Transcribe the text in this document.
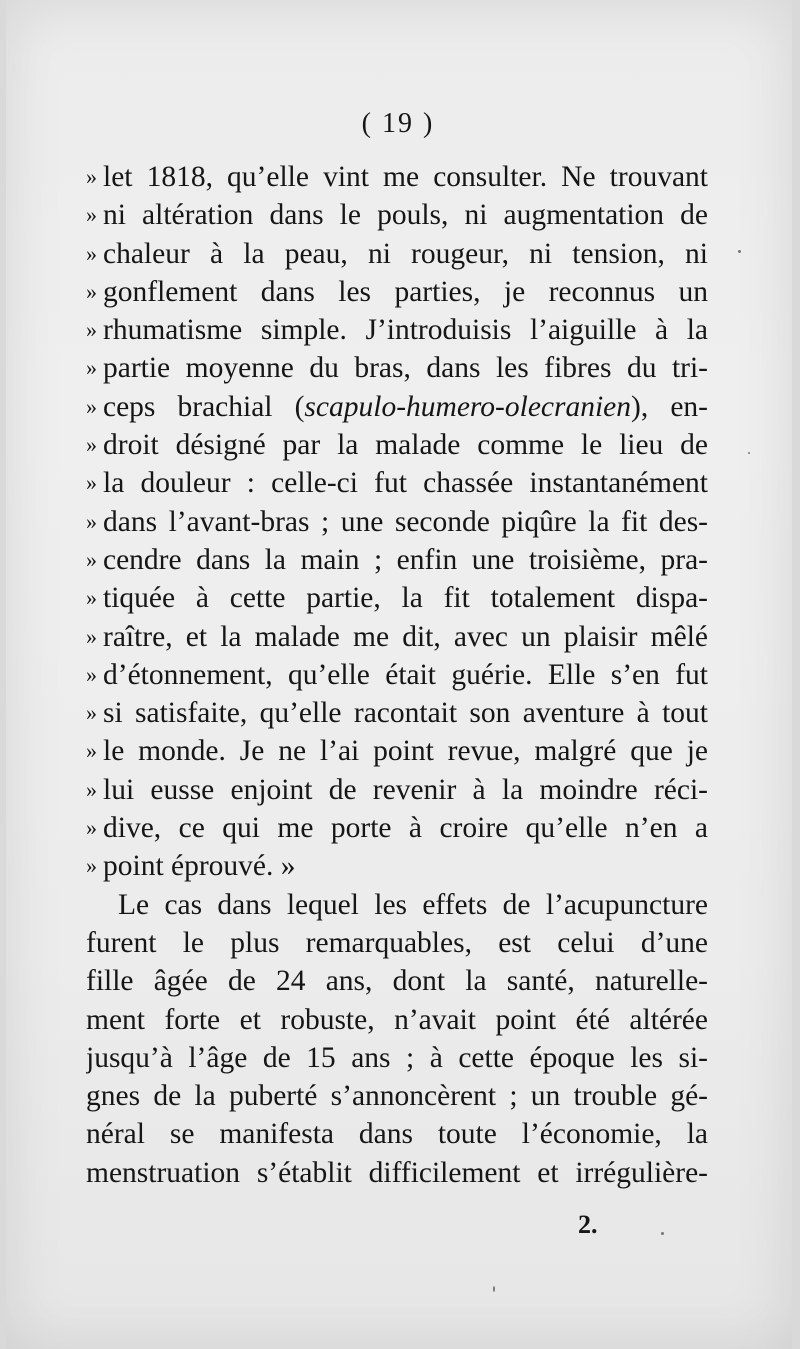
( 19 )
» let 1818, qu’elle vint me consulter. Ne trouvant
» ni altération dans le pouls, ni augmentation de
» chaleur à la peau, ni rougeur, ni tension, ni
» gonflement dans les parties, je reconnus un
» rhumatisme simple. J’introduisis l’aiguille à la
» partie moyenne du bras, dans les fibres du tri-
» ceps brachial (scapulo-humero-olecranien), en-
» droit désigné par la malade comme le lieu de
» la douleur : celle-ci fut chassée instantanément
» dans l’avant-bras ; une seconde piqûre la fit des-
» cendre dans la main ; enfin une troisième, pra-
» tiquée à cette partie, la fit totalement dispa-
» raître, et la malade me dit, avec un plaisir mêlé
» d’étonnement, qu’elle était guérie. Elle s’en fut
» si satisfaite, qu’elle racontait son aventure à tout
» le monde. Je ne l’ai point revue, malgré que je
» lui eusse enjoint de revenir à la moindre réci-
» dive, ce qui me porte à croire qu’elle n’en a
» point éprouvé. »
Le cas dans lequel les effets de l’acupuncture
furent le plus remarquables, est celui d’une
fille âgée de 24 ans, dont la santé, naturelle-
ment forte et robuste, n’avait point été altérée
jusqu’à l’âge de 15 ans ; à cette époque les si-
gnes de la puberté s’annoncèrent ; un trouble gé-
néral se manifesta dans toute l’économie, la
menstruation s’établit difficilement et irrégulière-
2.
